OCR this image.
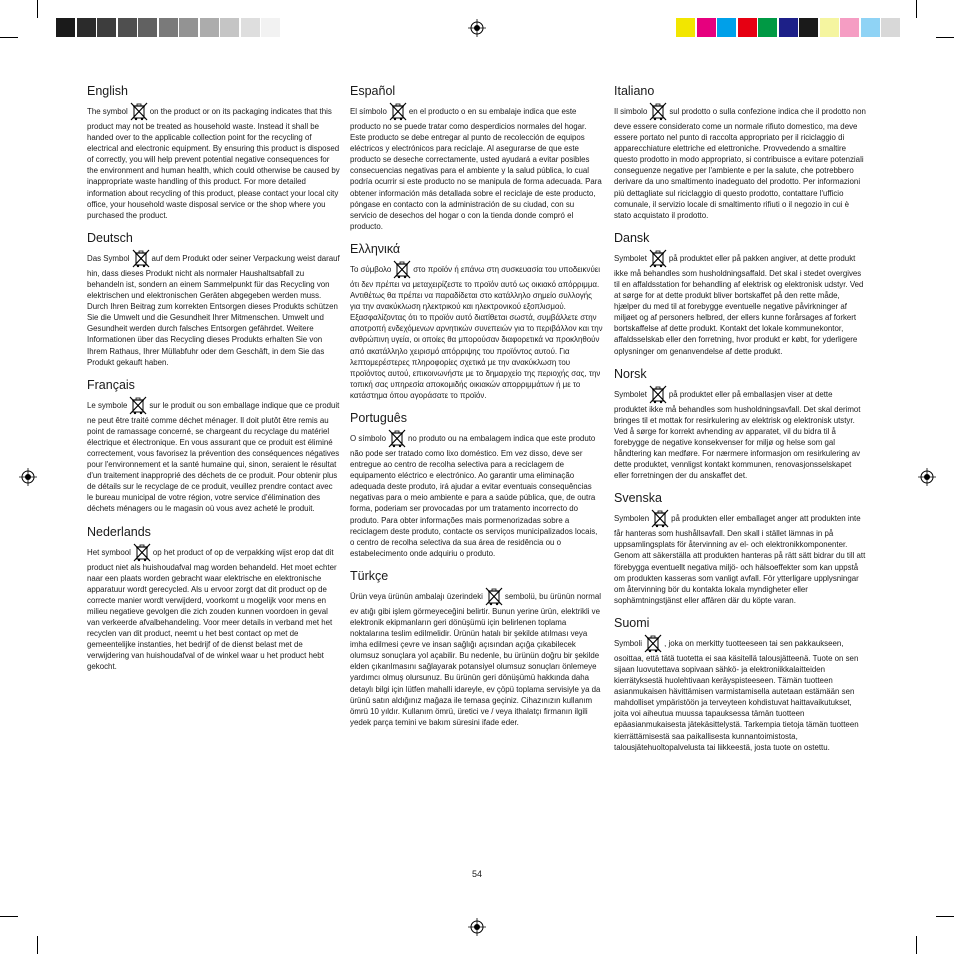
English

The symbol	on the product or on its packaging indicates that this product may not be treated as household waste. Instead it shall be handed over to the applicable collection point for the recycling of electrical and electronic equipment. By ensuring this product is disposed of correctly, you will help prevent potential negative consequences for the environment and human health, which could otherwise be caused by inappropriate waste handling of this product. For more detailed information about recycling of this product, please contact your local city office, your household waste disposal service or the shop where you purchased the product.

Deutsch

Das Symbol	auf dem Produkt oder seiner Verpackung weist darauf hin, dass dieses Produkt nicht als normaler Haushaltsabfall zu behandeln ist, sondern an einem Sammelpunkt für das Recycling von elektrischen und elektronischen Geräten abgegeben werden muss. Durch Ihren Beitrag zum korrekten Entsorgen dieses Produkts schützen Sie die Umwelt und die Gesundheit Ihrer Mitmenschen. Umwelt und Gesundheit werden durch falsches Entsorgen gefährdet. Weitere Informationen über das Recycling dieses Produkts erhalten Sie von Ihrem Rathaus, Ihrer Müllabfuhr oder dem Geschäft, in dem Sie das Produkt gekauft haben.

Français

Le symbole	sur le produit ou son emballage indique que ce produit ne peut être traité comme déchet ménager. Il doit plutôt être remis au point de ramassage concerné, se chargeant du recyclage du matériel électrique et électronique. En vous assurant que ce produit est éliminé correctement, vous favorisez la prévention des conséquences négatives pour l'environnement et la santé humaine qui, sinon, seraient le résultat d'un traitement inapproprié des déchets de ce produit. Pour obtenir plus de détails sur le recyclage de ce produit, veuillez prendre contact avec le bureau municipal de votre région, votre service d'élimination des déchets ménagers ou le magasin où vous avez acheté le produit.

Nederlands

Het symbool	op het product of op de verpakking wijst erop dat dit product niet als huishoudafval mag worden behandeld. Het moet echter naar een plaats worden gebracht waar elektrische en elektronische apparatuur wordt gerecycled. Als u ervoor zorgt dat dit product op de correcte manier wordt verwijderd, voorkomt u mogelijk voor mens en milieu negatieve gevolgen die zich zouden kunnen voordoen in geval van verkeerde afvalbehandeling. Voor meer details in verband met het recyclen van dit product, neemt u het best contact op met de gemeentelijke instanties, het bedrijf of de dienst belast met de verwijdering van huishoudafval of de winkel waar u het product hebt gekocht.

Español

El símbolo	en el producto o en su embalaje indica que este producto no se puede tratar como desperdicios normales del hogar. Este producto se debe entregar al punto de recolección de equipos eléctricos y electrónicos para reciclaje. Al asegurarse de que este producto se deseche correctamente, usted ayudará a evitar posibles consecuencias negativas para el ambiente y la salud pública, lo cual podría ocurrir si este producto no se manipula de forma adecuada. Para obtener información más detallada sobre el reciclaje de este producto, póngase en contacto con la administración de su ciudad, con su servicio de desechos del hogar o con la tienda donde compró el producto.

Ελληνικά

Το σύμβολο	στο προϊόν ή επάνω στη συσκευασία του υποδεικνύει ότι δεν πρέπει να μεταχειρίζεστε το προϊόν αυτό ως οικιακό απόρριμμα. Αντιθέτως θα πρέπει να παραδίδεται στο κατάλληλο σημείο συλλογής για την ανακύκλωση ηλεκτρικού και ηλεκτρονικού εξοπλισμού. Εξασφαλίζοντας ότι το προϊόν αυτό διατίθεται σωστά, συμβάλλετε στην αποτροπή ενδεχόμενων αρνητικών συνεπειών για το περιβάλλον και την ανθρώπινη υγεία, οι οποίες θα μπορούσαν διαφορετικά να προκληθούν από ακατάλληλο χειρισμό απόρριψης του προϊόντος αυτού. Για λεπτομερέστερες πληροφορίες σχετικά με την ανακύκλωση του προϊόντος αυτού, επικοινωνήστε με το δημαρχείο της περιοχής σας, την τοπική σας υπηρεσία αποκομιδής οικιακών απορριμμάτων ή με το κατάστημα όπου αγοράσατε το προϊόν.

Português

O símbolo	no produto ou na embalagem indica que este produto não pode ser tratado como lixo doméstico. Em vez disso, deve ser entregue ao centro de recolha selectiva para a reciclagem de equipamento eléctrico e electrónico. Ao garantir uma eliminação adequada deste produto, irá ajudar a evitar eventuais consequências negativas para o meio ambiente e para a saúde pública, que, de outra forma, poderiam ser provocadas por um tratamento incorrecto do produto. Para obter informações mais pormenorizadas sobre a reciclagem deste produto, contacte os serviços municipalizados locais, o centro de recolha selectiva da sua área de residência ou o estabelecimento onde adquiriu o produto.

Türkçe

Ürün veya ürünün ambalajı üzerindeki	sembolü, bu ürünün normal ev atığı gibi işlem görmeyeceğini belirtir. Bunun yerine ürün, elektrikli ve elektronik ekipmanların geri dönüşümü için belirlenen toplama noktalarına teslim edilmelidir. Ürünün hatalı bir şekilde atılması veya imha edilmesi çevre ve insan sağlığı açısından açığa çıkabilecek olumsuz sonuçlara yol açabilir. Bu nedenle, bu ürünün doğru bir şekilde elden çıkarılmasını sağlayarak potansiyel olumsuz sonuçları önlemeye yardımcı olmuş olursunuz. Bu ürünün geri dönüşümü hakkında daha detaylı bilgi için lütfen mahalli idareyle, ev çöpü toplama servisiyle ya da ürünü satın aldığınız mağaza ile temasa geçiniz. Cihazınızın kullanım ömrü 10 yıldır. Kullanım ömrü, üretici ve / veya ithalatçı firmanın ilgili yedek parça temini ve bakım süresini ifade eder.

Italiano

Il simbolo	sul prodotto o sulla confezione indica che il prodotto non deve essere considerato come un normale rifiuto domestico, ma deve essere portato nel punto di raccolta appropriato per il riciclaggio di apparecchiature elettriche ed elettroniche. Provvedendo a smaltire questo prodotto in modo appropriato, si contribuisce a evitare potenziali conseguenze negative per l'ambiente e per la salute, che potrebbero derivare da uno smaltimento inadeguato del prodotto. Per informazioni più dettagliate sul riciclaggio di questo prodotto, contattare l'ufficio comunale, il servizio locale di smaltimento rifiuti o il negozio in cui è stato acquistato il prodotto.

Dansk

Symbolet	på produktet eller på pakken angiver, at dette produkt ikke må behandles som husholdningsaffald. Det skal i stedet overgives til en affaldsstation for behandling af elektrisk og elektronisk udstyr. Ved at sørge for at dette produkt bliver bortskaffet på den rette måde, hjælper du med til at forebygge eventuelle negative påvirkninger af miljøet og af personers helbred, der ellers kunne forårsages af forkert bortskaffelse af dette produkt. Kontakt det lokale kommunekontor, affaldsselskab eller den forretning, hvor produkt er købt, for yderligere oplysninger om genanvendelse af dette produkt.

Norsk

Symbolet	på produktet eller på emballasjen viser at dette produktet ikke må behandles som husholdningsavfall. Det skal derimot bringes til et mottak for resirkulering av elektrisk og elektronisk utstyr. Ved å sørge for korrekt avhending av apparatet, vil du bidra til å forebygge de negative konsekvenser for miljø og helse som gal håndtering kan medføre. For nærmere informasjon om resirkulering av dette produktet, vennligst kontakt kommunen, renovasjonsselskapet eller forretningen der du anskaffet det.

Svenska

Symbolen	på produkten eller emballaget anger att produkten inte får hanteras som hushållsavfall. Den skall i stället lämnas in på uppsamlingsplats för återvinning av el- och elektronikkomponenter. Genom att säkerställa att produkten hanteras på rätt sätt bidrar du till att förebygga eventuellt negativa miljö- och hälsoeffekter som kan uppstå om produkten kasseras som vanligt avfall. För ytterligare upplysningar om återvinning bör du kontakta lokala myndigheter eller sophämtningstjänst eller affären där du köpte varan.

Suomi

Symboli	, joka on merkitty tuotteeseen tai sen pakkaukseen, osoittaa, että tätä tuotetta ei saa käsitellä talousjätteenä. Tuote on sen sijaan luovutettava sopivaan sähkö- ja elektroniikkalaitteiden kierrätyksestä huolehtivaan keräyspisteeseen. Tämän tuotteen asianmukaisen hävittämisen varmistamisella autetaan estämään sen mahdolliset ympäristöön ja terveyteen kohdistuvat haittavaikutukset, joita voi aiheutua muussa tapauksessa tämän tuotteen epäasianmukaisesta jätekäsittelystä. Tarkempia tietoja tämän tuotteen kierrättämisestä saa paikallisesta kunnantoimistosta, talousjätehuoltopalvelusta tai liikkeestä, josta tuote on ostettu.

54
